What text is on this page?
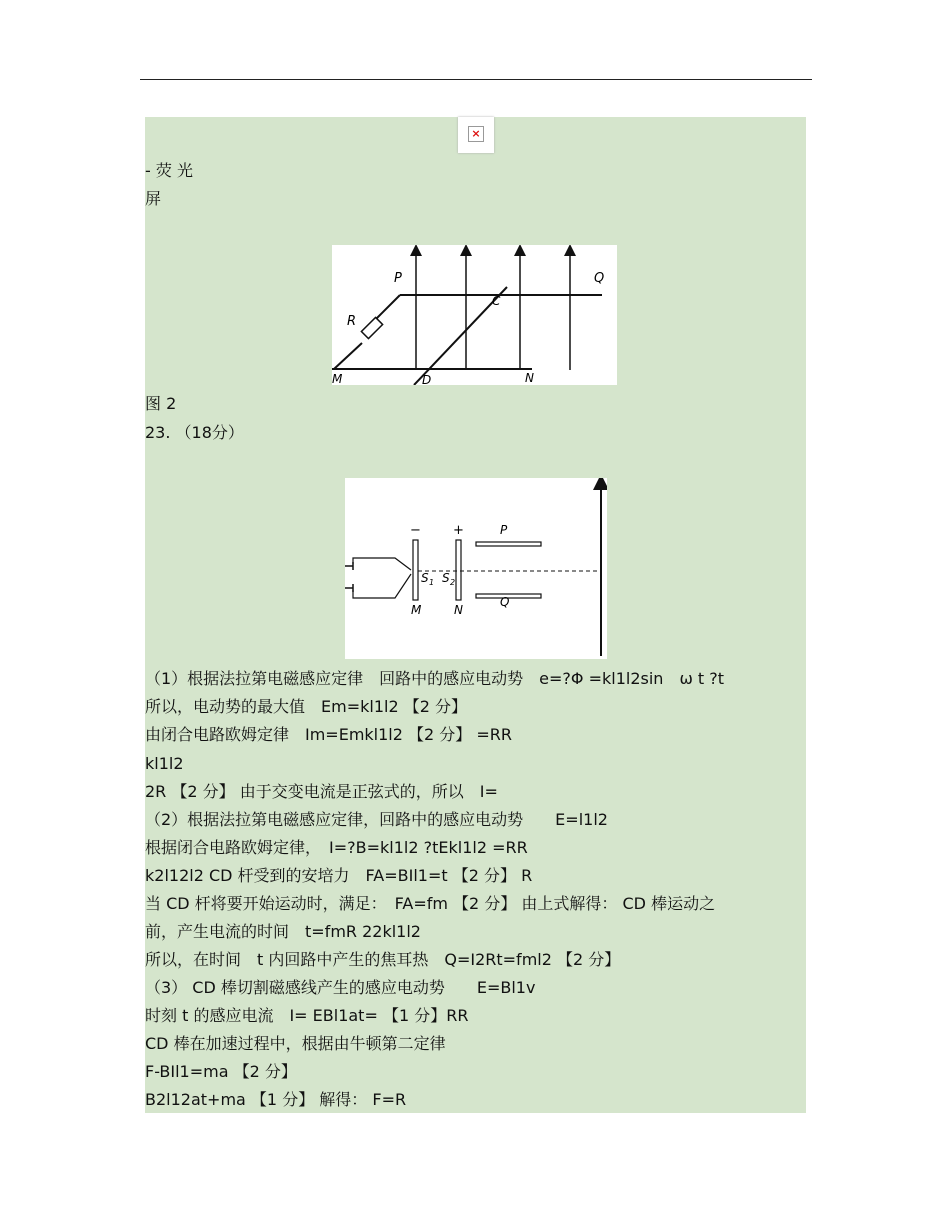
×
- 荧 光
屏
P	Q
R
C
M	D	N
图 2
23. （18分）
− +	P
S 1 S 2
Q
M	N
（1）根据法拉第电磁感应定律　回路中的感应电动势　e=?Φ =kl1l2sin　ω t ?t
所以，电动势的最大值　Em=kl1l2 【2 分】
由闭合电路欧姆定律　Im=Emkl1l2 【2 分】 =RR
kl1l2
2R 【2 分】 由于交变电流是正弦式的，所以　I=
（2）根据法拉第电磁感应定律，回路中的感应电动势　　E=l1l2
根据闭合电路欧姆定律，　I=?B=kl1l2 ?tEkl1l2 =RR
k2l12l2 CD 杆受到的安培力　FA=BIl1=t 【2 分】 R
当 CD 杆将要开始运动时，满足：　FA=fm 【2 分】 由上式解得： CD 棒运动之
前，产生电流的时间　t=fmR 22kl1l2
所以，在时间　t 内回路中产生的焦耳热　Q=I2Rt=fml2 【2 分】
（3） CD 棒切割磁感线产生的感应电动势　　E=Bl1v
时刻 t 的感应电流　I= EBl1at= 【1 分】RR
CD 棒在加速过程中，根据由牛顿第二定律
F-BIl1=ma 【2 分】
B2l12at+ma 【1 分】 解得： F=R
